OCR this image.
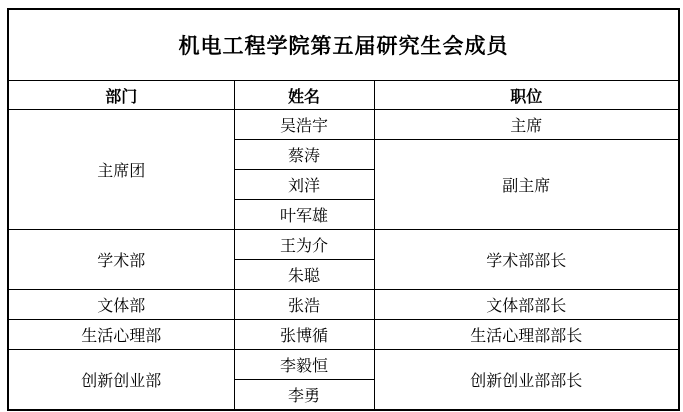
机电工程学院第五届研究生会成员		
部门	姓名	职位
主席团	吴浩宇	主席
	蔡涛	副主席
	刘洋	
	叶军雄	
学术部	王为介	学术部部长
	朱聪	
文体部	张浩	文体部部长
生活心理部	张博循	生活心理部部长
创新创业部	李毅恒	创新创业部部长
	李勇	
